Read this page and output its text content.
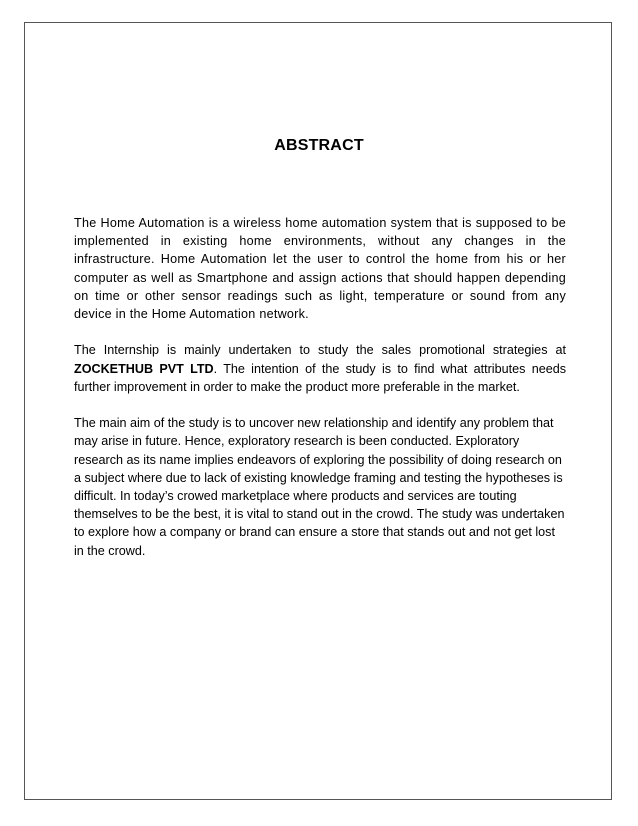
ABSTRACT

The Home Automation is a wireless home automation system that is supposed to be implemented in existing home environments, without any changes in the infrastructure. Home Automation let the user to control the home from his or her computer as well as Smartphone and assign actions that should happen depending on time or other sensor readings such as light, temperature or sound from any device in the Home Automation network.

The Internship is mainly undertaken to study the sales promotional strategies at ZOCKETHUB PVT LTD. The intention of the study is to find what attributes needs further improvement in order to make the product more preferable in the market.

The main aim of the study is to uncover new relationship and identify any problem that may arise in future. Hence, exploratory research is been conducted. Exploratory research as its name implies endeavors of exploring the possibility of doing research on a subject where due to lack of existing knowledge framing and testing the hypotheses is difficult. In today’s crowed marketplace where products and services are touting themselves to be the best, it is vital to stand out in the crowd. The study was undertaken to explore how a company or brand can ensure a store that stands out and not get lost in the crowd.
